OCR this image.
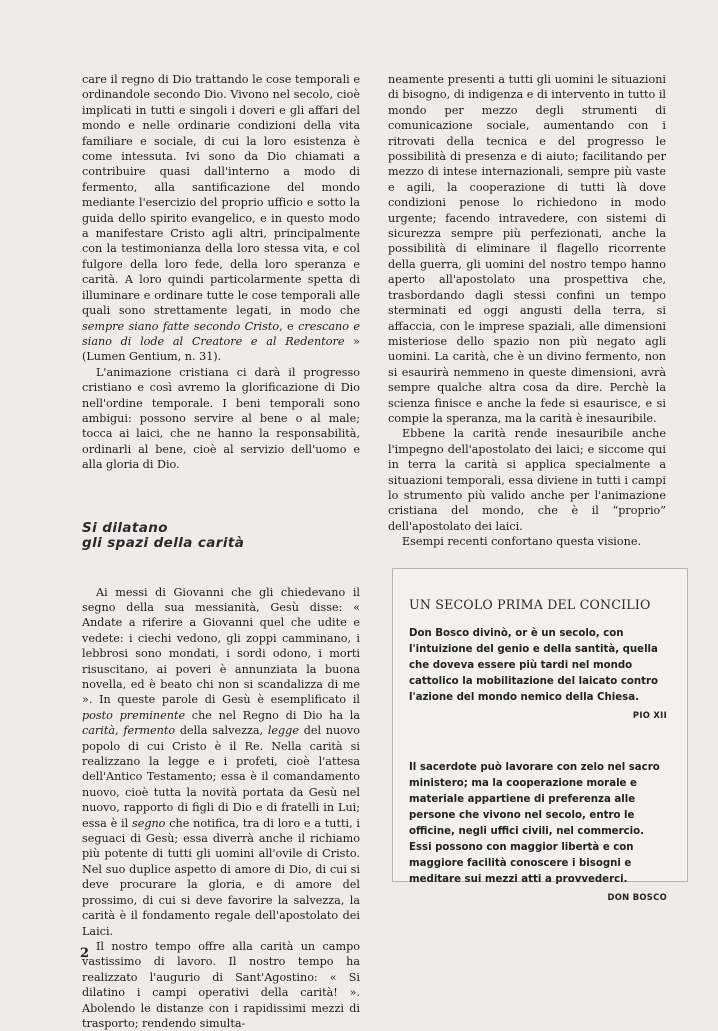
care il regno di Dio trattando le cose temporali e ordinandole secondo Dio. Vivono nel secolo, cioè implicati in tutti e singoli i doveri e gli affari del mondo e nelle ordinarie condizioni della vita familiare e sociale, di cui la loro esistenza è come intessuta. Ivi sono da Dio chiamati a contribuire quasi dall'interno a modo di fermento, alla santificazione del mondo mediante l'esercizio del proprio ufficio e sotto la guida dello spirito evangelico, e in questo modo a manifestare Cristo agli altri, principalmente con la testimonianza della loro stessa vita, e col fulgore della loro fede, della loro speranza e carità. A loro quindi particolarmente spetta di illuminare e ordinare tutte le cose temporali alle quali sono strettamente legati, in modo che sempre siano fatte secondo Cristo, e crescano e siano di lode al Creatore e al Redentore » (Lumen Gentium, n. 31).

L'animazione cristiana ci darà il progresso cristiano e così avremo la glorificazione di Dio nell'ordine temporale. I beni temporali sono ambigui: possono servire al bene o al male; tocca ai laici, che ne hanno la responsabilità, ordinarli al bene, cioè al servizio dell'uomo e alla gloria di Dio.

Si dilatano
gli spazi della carità

Ai messi di Giovanni che gli chiedevano il segno della sua messianità, Gesù disse: « Andate a riferire a Giovanni quel che udite e vedete: i ciechi vedono, gli zoppi camminano, i lebbrosi sono mondati, i sordi odono, i morti risuscitano, ai poveri è annunziata la buona novella, ed è beato chi non si scandalizza di me ». In queste parole di Gesù è esemplificato il posto preminente che nel Regno di Dio ha la carità, fermento della salvezza, legge del nuovo popolo di cui Cristo è il Re. Nella carità si realizzano la legge e i profeti, cioè l'attesa dell'Antico Testamento; essa è il comandamento nuovo, cioè tutta la novità portata da Gesù nel nuovo, rapporto di figli di Dio e di fratelli in Lui; essa è il segno che notifica, tra di loro e a tutti, i seguaci di Gesù; essa diverrà anche il richiamo più potente di tutti gli uomini all'ovile di Cristo. Nel suo duplice aspetto di amore di Dio, di cui si deve procurare la gloria, e di amore del prossimo, di cui si deve favorire la salvezza, la carità è il fondamento regale dell'apostolato dei Laici.

Il nostro tempo offre alla carità un campo vastissimo di lavoro. Il nostro tempo ha realizzato l'augurio di Sant'Agostino: « Si dilatino i campi operativi della carità! ». Abolendo le distanze con i rapidissimi mezzi di trasporto; rendendo simulta-

neamente presenti a tutti gli uomini le situazioni di bisogno, di indigenza e di intervento in tutto il mondo per mezzo degli strumenti di comunicazione sociale, aumentando con i ritrovati della tecnica e del progresso le possibilità di presenza e di aiuto; facilitando per mezzo di intese internazionali, sempre più vaste e agili, la cooperazione di tutti là dove condizioni penose lo richiedono in modo urgente; facendo intravedere, con sistemi di sicurezza sempre più perfezionati, anche la possibilità di eliminare il flagello ricorrente della guerra, gli uomini del nostro tempo hanno aperto all'apostolato una prospettiva che, trasbordando dagli stessi confini un tempo sterminati ed oggi angusti della terra, si affaccia, con le imprese spaziali, alle dimensioni misteriose dello spazio non più negato agli uomini. La carità, che è un divino fermento, non si esaurirà nemmeno in queste dimensioni, avrà sempre qualche altra cosa da dire. Perchè la scienza finisce e anche la fede si esaurisce, e si compie la speranza, ma la carità è inesauribile.

Ebbene la carità rende inesauribile anche l'impegno dell'apostolato dei laici; e siccome qui in terra la carità si applica specialmente a situazioni temporali, essa diviene in tutti i campi lo strumento più valido anche per l'animazione cristiana del mondo, che è il “proprio” dell'apostolato dei laici.

Esempi recenti confortano questa visione.

UN SECOLO PRIMA DEL CONCILIO
Don Bosco divinò, or è un secolo, con l'intuizione del genio e della santità, quella che doveva essere più tardi nel mondo cattolico la mobilitazione del laicato contro l'azione del mondo nemico della Chiesa.
PIO XII
Il sacerdote può lavorare con zelo nel sacro ministero; ma la cooperazione morale e materiale appartiene di preferenza alle persone che vivono nel secolo, entro le officine, negli uffici civili, nel commercio. Essi possono con maggior libertà e con maggiore facilità conoscere i bisogni e meditare sui mezzi atti a provvederci.
DON BOSCO
2
